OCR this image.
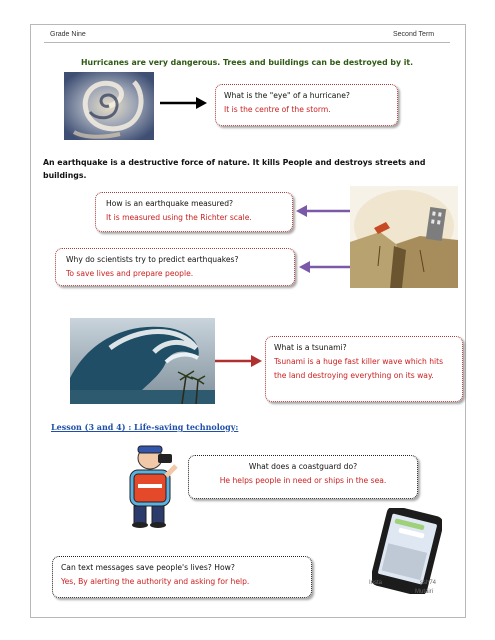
Grade Nine	Second Term
Hurricanes are very dangerous. Trees and buildings can be destroyed by it.
What is the "eye" of a hurricane?
It is the centre of the storm.
An earthquake is a destructive force of nature. It kills People and destroys streets and buildings.
How is an earthquake measured?
It is measured using the Richter scale.
Why do scientists try to predict earthquakes?
To save lives and prepare people.
What is a tsunami?
Tsunami is a huge fast killer wave which hits the land destroying everything on its way.
Lesson (3 and 4) : Life-saving technology:
What does a coastguard do?
He helps people in need or ships in the sea.
Can text messages save people's lives? How?
Yes, By alerting the authority and asking for help.	Insta	ssh74
Mutairi
